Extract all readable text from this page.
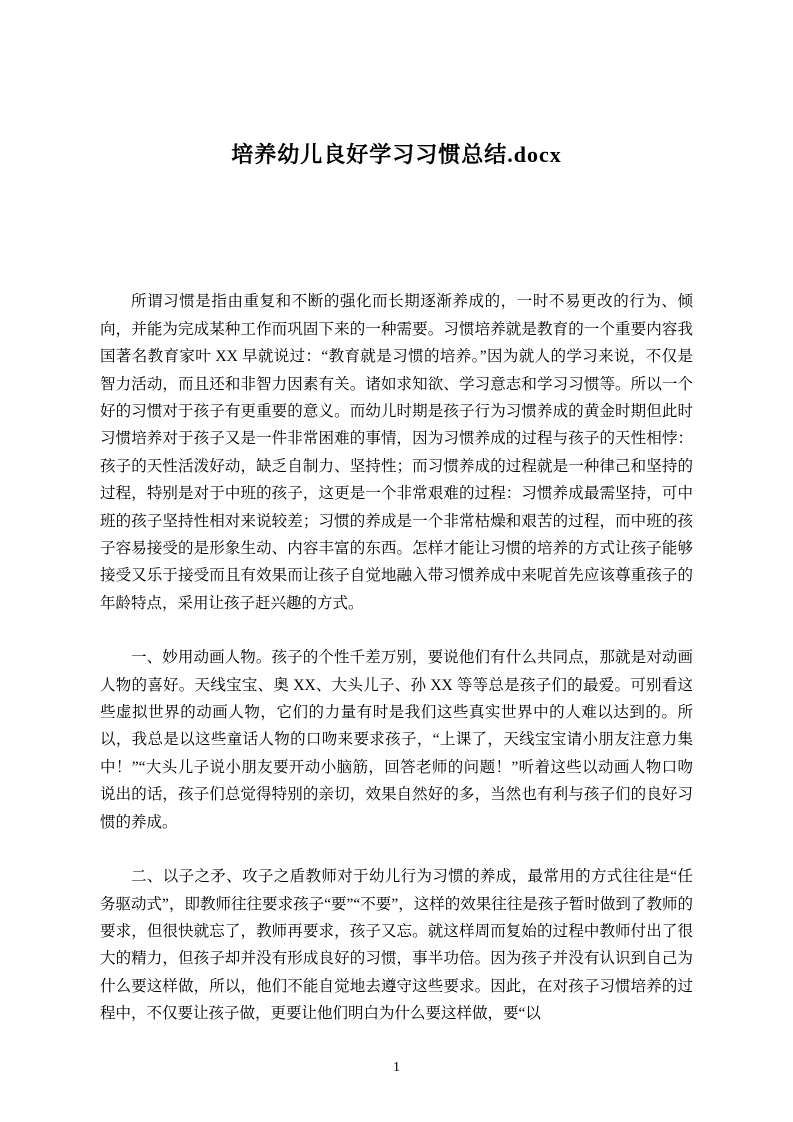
培养幼儿良好学习习惯总结.docx

所谓习惯是指由重复和不断的强化而长期逐渐养成的，一时不易更改的行为、倾向，并能为完成某种工作而巩固下来的一种需要。习惯培养就是教育的一个重要内容我国著名教育家叶 XX 早就说过：“教育就是习惯的培养。”因为就人的学习来说，不仅是智力活动，而且还和非智力因素有关。诸如求知欲、学习意志和学习习惯等。所以一个好的习惯对于孩子有更重要的意义。而幼儿时期是孩子行为习惯养成的黄金时期但此时习惯培养对于孩子又是一件非常困难的事情，因为习惯养成的过程与孩子的天性相悖：孩子的天性活泼好动，缺乏自制力、坚持性；而习惯养成的过程就是一种律己和坚持的过程，特别是对于中班的孩子，这更是一个非常艰难的过程：习惯养成最需坚持，可中班的孩子坚持性相对来说较差；习惯的养成是一个非常枯燥和艰苦的过程，而中班的孩子容易接受的是形象生动、内容丰富的东西。怎样才能让习惯的培养的方式让孩子能够接受又乐于接受而且有效果而让孩子自觉地融入带习惯养成中来呢首先应该尊重孩子的年龄特点，采用让孩子赶兴趣的方式。

一、妙用动画人物。孩子的个性千差万别，要说他们有什么共同点，那就是对动画人物的喜好。天线宝宝、奥 XX、大头儿子、孙 XX 等等总是孩子们的最爱。可别看这些虚拟世界的动画人物，它们的力量有时是我们这些真实世界中的人难以达到的。所以，我总是以这些童话人物的口吻来要求孩子，“上课了，天线宝宝请小朋友注意力集中！”“大头儿子说小朋友要开动小脑筋，回答老师的问题！”听着这些以动画人物口吻说出的话，孩子们总觉得特别的亲切，效果自然好的多，当然也有利与孩子们的良好习惯的养成。

二、以子之矛、攻子之盾教师对于幼儿行为习惯的养成，最常用的方式往往是“任务驱动式”，即教师往往要求孩子“要”“不要”，这样的效果往往是孩子暂时做到了教师的要求，但很快就忘了，教师再要求，孩子又忘。就这样周而复始的过程中教师付出了很大的精力，但孩子却并没有形成良好的习惯，事半功倍。因为孩子并没有认识到自己为什么要这样做，所以，他们不能自觉地去遵守这些要求。因此，在对孩子习惯培养的过程中，不仅要让孩子做，更要让他们明白为什么要这样做，要“以

1
